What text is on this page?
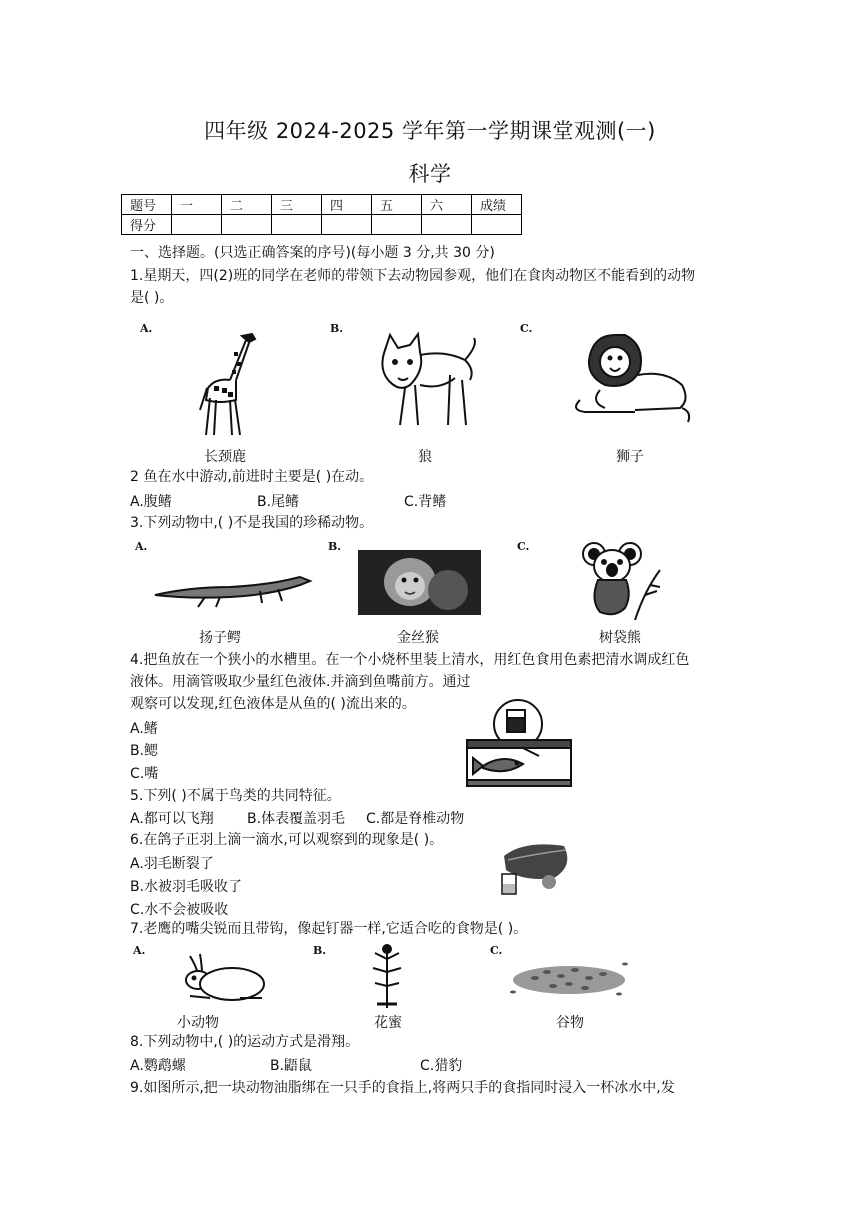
四年级 2024-2025 学年第一学期课堂观测(一)
科学
题号	一	二	三	四	五	六	成绩
得分							
一、选择题。(只选正确答案的序号)(每小题 3 分,共 30 分)
1.星期天，四(2)班的同学在老师的带领下去动物园参观，他们在食肉动物区不能看到的动物
是( )。
A.	B.	C.
长颈鹿	狼	狮子
2 鱼在水中游动,前进时主要是( )在动。
A.腹鳍	B.尾鳍	C.背鳍
3.下列动物中,( )不是我国的珍稀动物。
A.	B.	C.
扬子鳄	金丝猴	树袋熊
4.把鱼放在一个狭小的水槽里。在一个小烧杯里装上清水，用红色食用色素把清水调成红色
液体。用滴管吸取少量红色液体.并滴到鱼嘴前方。通过
观察可以发现,红色液体是从鱼的( )流出来的。
A.鳍
B.鳃
C.嘴
5.下列( )不属于鸟类的共同特征。
A.都可以飞翔 B.体表覆盖羽毛 C.都是脊椎动物
6.在鸽子正羽上滴一滴水,可以观察到的现象是( )。
A.羽毛断裂了
B.水被羽毛吸收了
C.水不会被吸收
7.老鹰的嘴尖锐而且带钩，像起钉器一样,它适合吃的食物是( )。
A.	B.	C.
小动物	花蜜	谷物
8.下列动物中,( )的运动方式是滑翔。
A.鹦鹉螺	B.鼯鼠	C.猎豹
9.如图所示,把一块动物油脂绑在一只手的食指上,将两只手的食指同时浸入一杯冰水中,发
